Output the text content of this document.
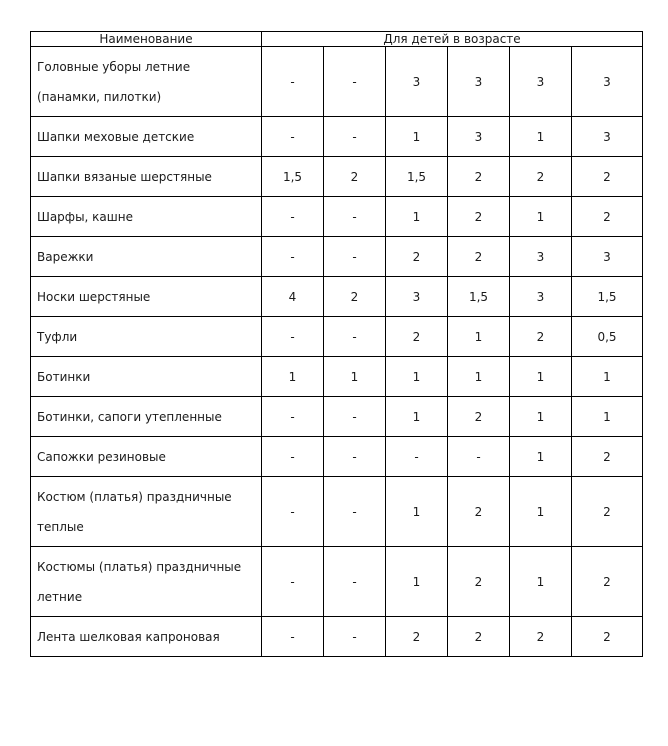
Наименование	Для детей в возрасте					
Головные уборы летние (панамки, пилотки)	-	-	3	3	3	3
Шапки меховые детские	-	-	1	3	1	3
Шапки вязаные шерстяные	1,5	2	1,5	2	2	2
Шарфы, кашне	-	-	1	2	1	2
Варежки	-	-	2	2	3	3
Носки шерстяные	4	2	3	1,5	3	1,5
Туфли	-	-	2	1	2	0,5
Ботинки	1	1	1	1	1	1
Ботинки, сапоги утепленные	-	-	1	2	1	1
Сапожки резиновые	-	-	-	-	1	2
Костюм (платья) праздничные теплые	-	-	1	2	1	2
Костюмы (платья) праздничные летние	-	-	1	2	1	2
Лента шелковая капроновая	-	-	2	2	2	2
